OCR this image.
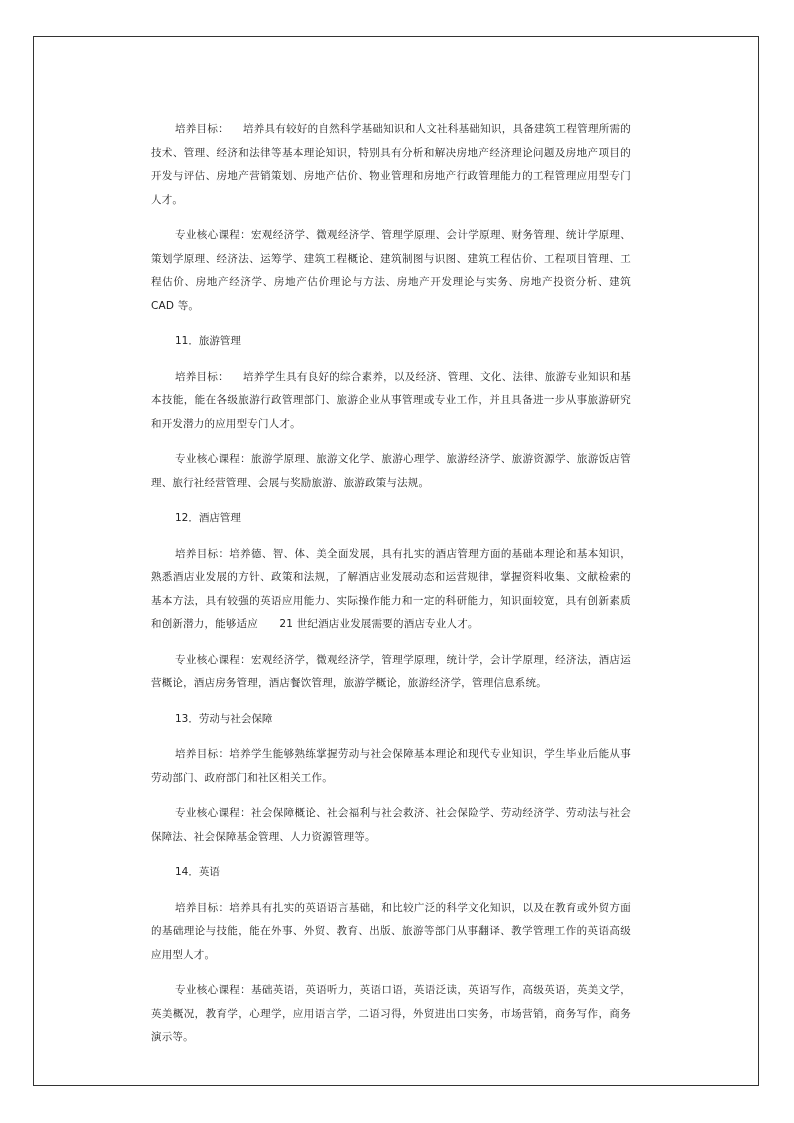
培养目标： 培养具有较好的自然科学基础知识和人文社科基础知识，具备建筑工程管理所需的技术、管理、经济和法律等基本理论知识，特别具有分析和解决房地产经济理论问题及房地产项目的开发与评估、房地产营销策划、房地产估价、物业管理和房地产行政管理能力的工程管理应用型专门人才。

专业核心课程：宏观经济学、微观经济学、管理学原理、会计学原理、财务管理、统计学原理、策划学原理、经济法、运筹学、建筑工程概论、建筑制图与识图、建筑工程估价、工程项目管理、工程估价、房地产经济学、房地产估价理论与方法、房地产开发理论与实务、房地产投资分析、建筑　CAD 等。

11．旅游管理

培养目标： 培养学生具有良好的综合素养，以及经济、管理、文化、法律、旅游专业知识和基本技能，能在各级旅游行政管理部门、旅游企业从事管理或专业工作，并且具备进一步从事旅游研究和开发潜力的应用型专门人才。

专业核心课程：旅游学原理、旅游文化学、旅游心理学、旅游经济学、旅游资源学、旅游饭店管理、旅行社经营管理、会展与奖励旅游、旅游政策与法规。

12．酒店管理

培养目标：培养德、智、体、美全面发展，具有扎实的酒店管理方面的基础本理论和基本知识，熟悉酒店业发展的方针、政策和法规，了解酒店业发展动态和运营规律，掌握资料收集、文献检索的基本方法，具有较强的英语应用能力、实际操作能力和一定的科研能力，知识面较宽，具有创新素质和创新潜力，能够适应　　21 世纪酒店业发展需要的酒店专业人才。

专业核心课程：宏观经济学，微观经济学，管理学原理，统计学，会计学原理，经济法，酒店运营概论，酒店房务管理，酒店餐饮管理，旅游学概论，旅游经济学，管理信息系统。

13．劳动与社会保障

培养目标：培养学生能够熟练掌握劳动与社会保障基本理论和现代专业知识，学生毕业后能从事劳动部门、政府部门和社区相关工作。

专业核心课程：社会保障概论、社会福利与社会救济、社会保险学、劳动经济学、劳动法与社会保障法、社会保障基金管理、人力资源管理等。

14．英语

培养目标：培养具有扎实的英语语言基础，和比较广泛的科学文化知识，以及在教育或外贸方面的基础理论与技能，能在外事、外贸、教育、出版、旅游等部门从事翻译、教学管理工作的英语高级应用型人才。

专业核心课程：基础英语，英语听力，英语口语，英语泛读，英语写作，高级英语，英美文学，英美概况，教育学，心理学，应用语言学，二语习得，外贸进出口实务，市场营销，商务写作，商务演示等。
